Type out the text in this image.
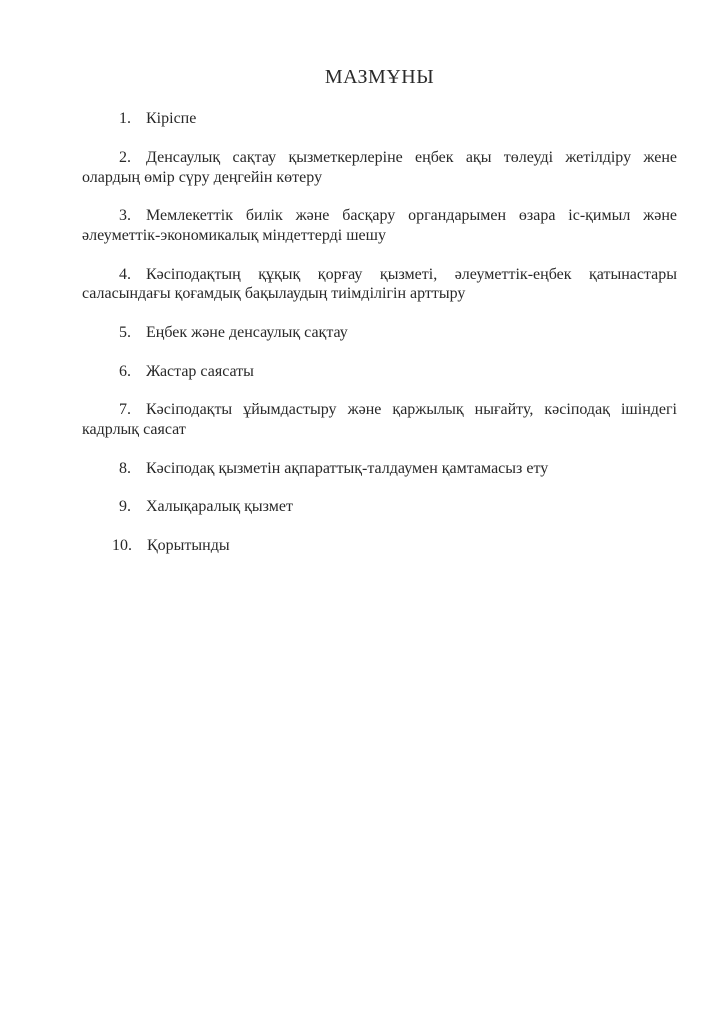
МАЗМҰНЫ
1. Кіріспе
2. Денсаулық сақтау қызметкерлеріне еңбек ақы төлеуді жетілдіру жене
олардың өмір сүру деңгейін көтеру
3. Мемлекеттік билік және басқару органдарымен өзара іс-қимыл және
әлеуметтік-экономикалық міндеттерді шешу
4. Кәсіподақтың құқық қорғау қызметі, әлеуметтік-еңбек қатынастары
саласындағы қоғамдық бақылаудың тиімділігін арттыру
5. Еңбек және денсаулық сақтау
6. Жастар саясаты
7. Кәсіподақты ұйымдастыру және қаржылық нығайту, кәсіподақ ішіндегі
кадрлық саясат
8. Кәсіподақ қызметін ақпараттық-талдаумен қамтамасыз ету
9. Халықаралық қызмет
10. Қорытынды
